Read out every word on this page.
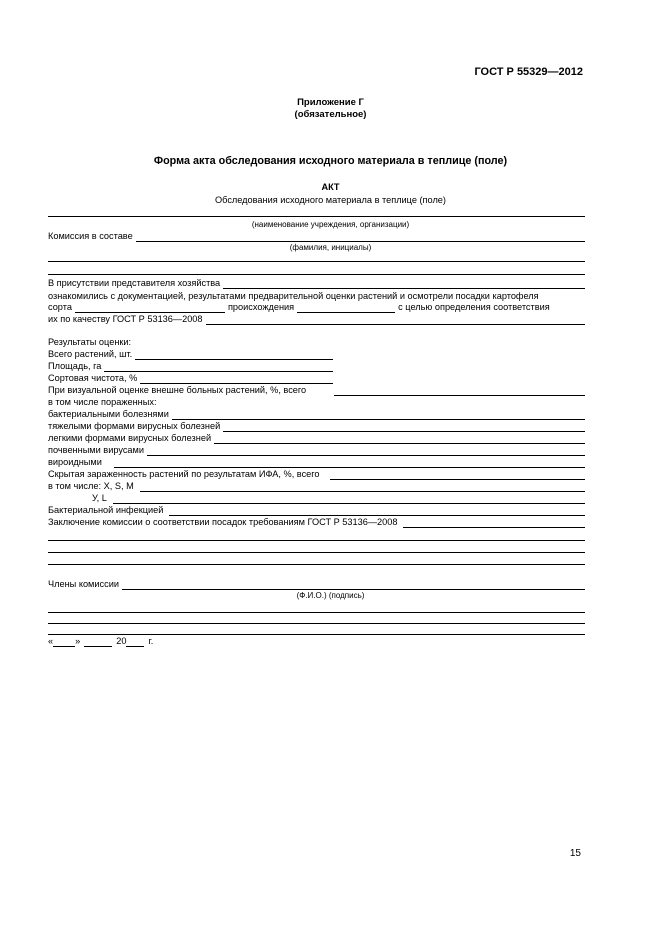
ГОСТ Р 55329—2012
Приложение Г
(обязательное)
Форма акта обследования исходного материала в теплице (поле)
АКТ
Обследования исходного материала в теплице (поле)
(наименование учреждения, организации)
Комиссия в составе
(фамилия, инициалы)
В присутствии представителя хозяйства
ознакомились с документацией, результатами предварительной оценки растений и осмотрели посадки картофеля
сорта	происхождения	с целью определения соответствия
их по качеству ГОСТ Р 53136—2008
Результаты оценки:
Всего растений, шт.
Площадь, га
Сортовая чистота, %
При визуальной оценке внешне больных растений, %, всего
в том числе пораженных:
бактериальными болезнями
тяжелыми формами вирусных болезней
легкими формами вирусных болезней
почвенными вирусами
вироидными
Скрытая зараженность растений по результатам ИФА, %, всего
в том числе: X, S, M
У, L
Бактериальной инфекцией
Заключение комиссии о соответствии посадок требованиям ГОСТ Р 53136—2008
Члены комиссии
(Ф.И.О.) (подпись)
« »	20	г.
15
